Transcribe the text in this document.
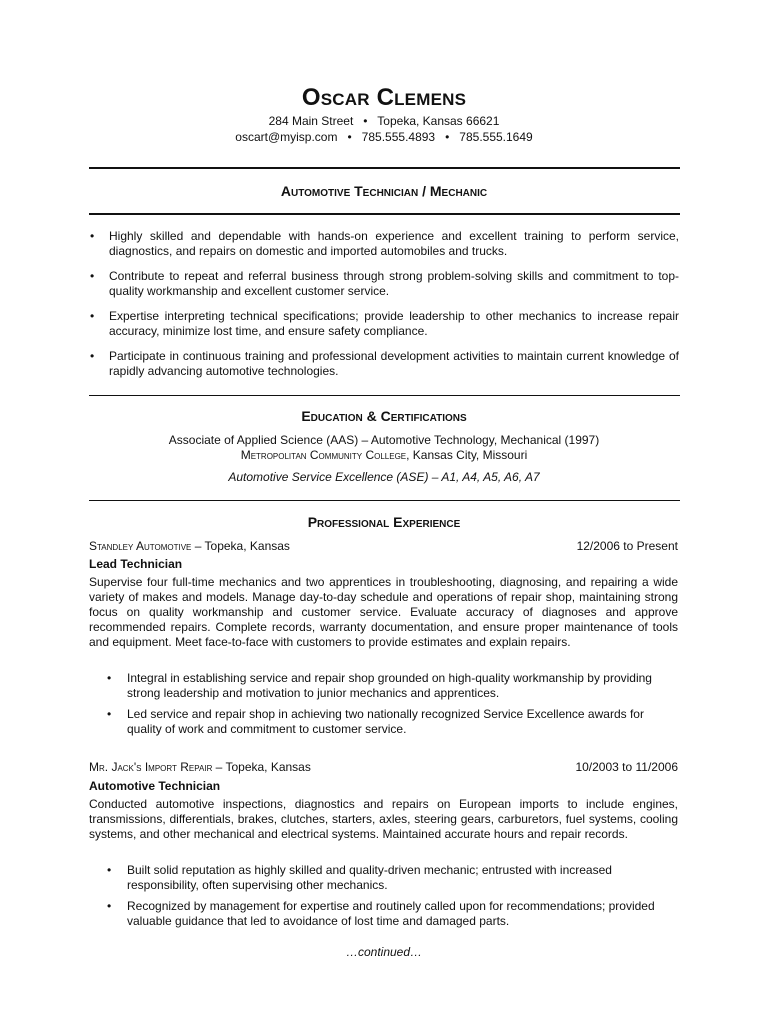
Oscar Clemens
284 Main Street   •   Topeka, Kansas 66621
oscart@myisp.com   •   785.555.4893   •   785.555.1649
Automotive Technician / Mechanic
• Highly skilled and dependable with hands-on experience and excellent training to perform service, diagnostics, and repairs on domestic and imported automobiles and trucks.
• Contribute to repeat and referral business through strong problem-solving skills and commitment to top-quality workmanship and excellent customer service.
• Expertise interpreting technical specifications; provide leadership to other mechanics to increase repair accuracy, minimize lost time, and ensure safety compliance.
• Participate in continuous training and professional development activities to maintain current knowledge of rapidly advancing automotive technologies.
Education & Certifications
Associate of Applied Science (AAS) – Automotive Technology, Mechanical (1997)
Metropolitan Community College, Kansas City, Missouri
Automotive Service Excellence (ASE) – A1, A4, A5, A6, A7
Professional Experience
Standley Automotive – Topeka, Kansas	12/2006 to Present
Lead Technician
Supervise four full-time mechanics and two apprentices in troubleshooting, diagnosing, and repairing a wide variety of makes and models. Manage day-to-day schedule and operations of repair shop, maintaining strong focus on quality workmanship and customer service. Evaluate accuracy of diagnoses and approve recommended repairs. Complete records, warranty documentation, and ensure proper maintenance of tools and equipment. Meet face-to-face with customers to provide estimates and explain repairs.
• Integral in establishing service and repair shop grounded on high-quality workmanship by providing strong leadership and motivation to junior mechanics and apprentices.
• Led service and repair shop in achieving two nationally recognized Service Excellence awards for quality of work and commitment to customer service.
Mr. Jack's Import Repair – Topeka, Kansas	10/2003 to 11/2006
Automotive Technician
Conducted automotive inspections, diagnostics and repairs on European imports to include engines, transmissions, differentials, brakes, clutches, starters, axles, steering gears, carburetors, fuel systems, cooling systems, and other mechanical and electrical systems. Maintained accurate hours and repair records.
• Built solid reputation as highly skilled and quality-driven mechanic; entrusted with increased responsibility, often supervising other mechanics.
• Recognized by management for expertise and routinely called upon for recommendations; provided valuable guidance that led to avoidance of lost time and damaged parts.
…continued…
